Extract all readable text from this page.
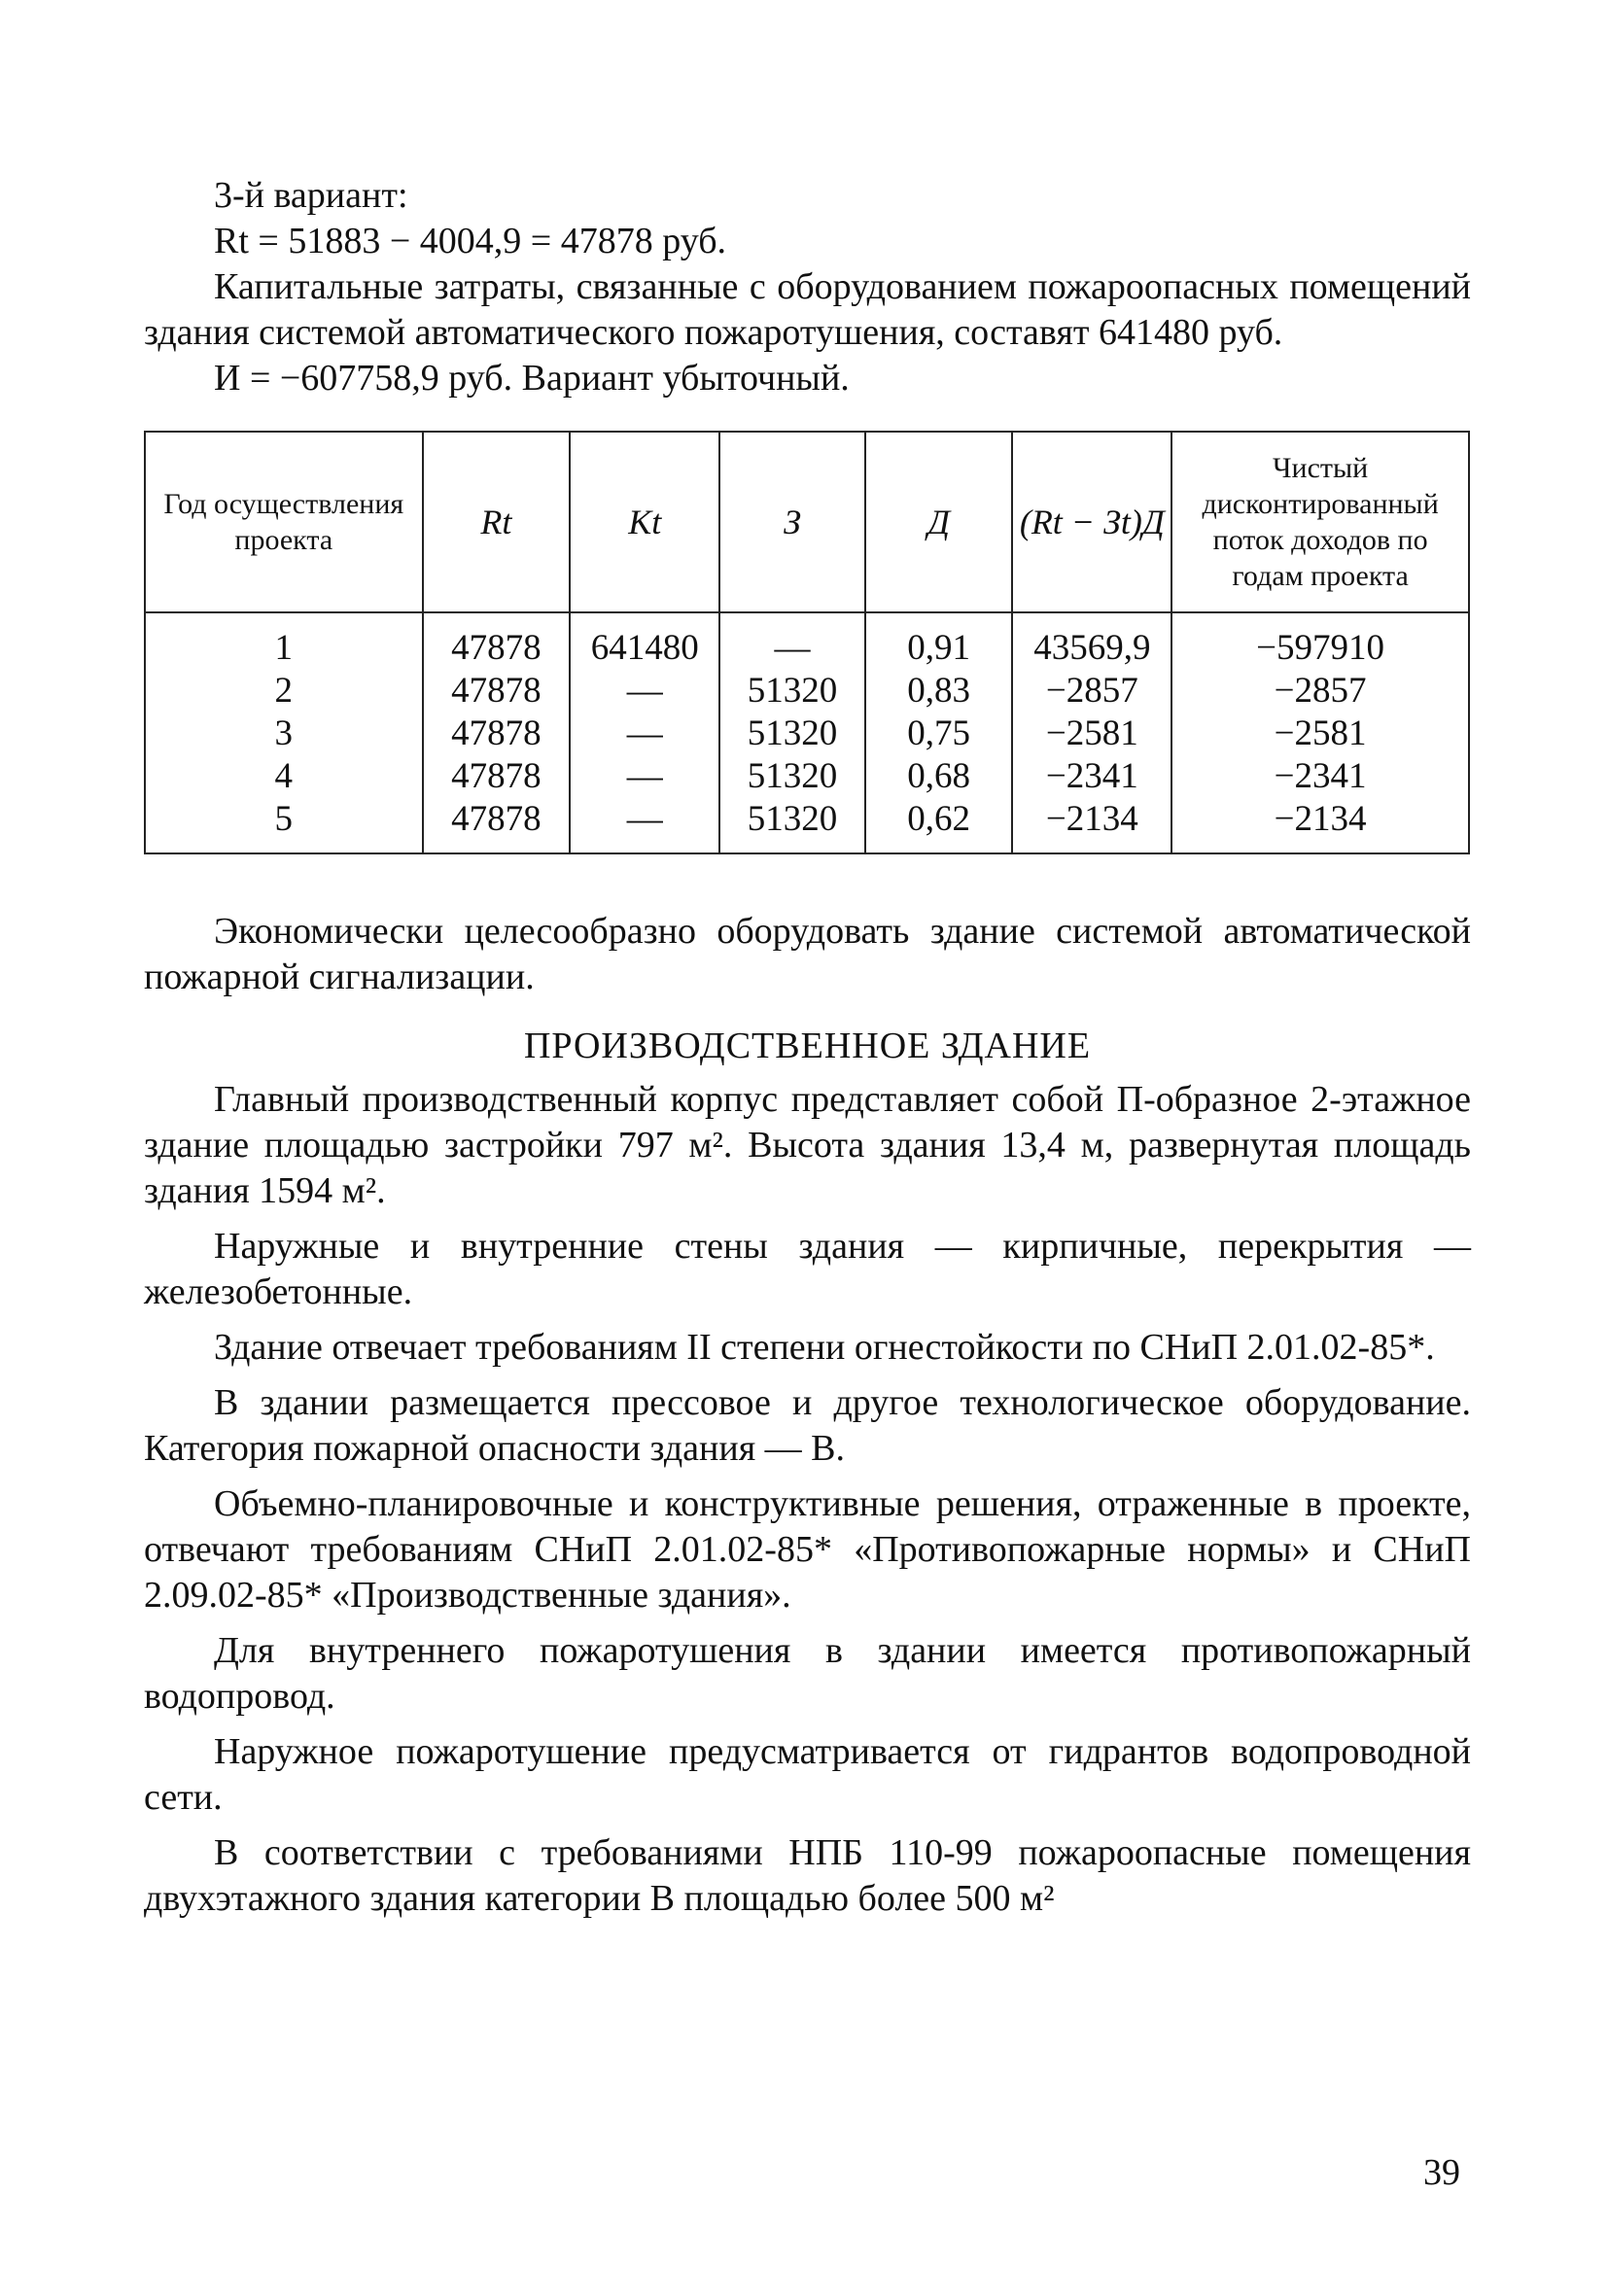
3-й вариант:

Rt = 51883 − 4004,9 = 47878 руб.

Капитальные затраты, связанные с оборудованием пожароопасных помещений здания системой автоматического пожаротушения, составят 641480 руб.

И = −607758,9 руб. Вариант убыточный.

Год осуществления проекта	Rt	Kt	З	Д	(Rt − Зt)Д	Чистый дисконтированный поток доходов по годам проекта
1	47878	641480	—	0,91	43569,9	−597910
2	47878	—	51320	0,83	−2857	−2857
3	47878	—	51320	0,75	−2581	−2581
4	47878	—	51320	0,68	−2341	−2341
5	47878	—	51320	0,62	−2134	−2134

Экономически целесообразно оборудовать здание системой автоматической пожарной сигнализации.

ПРОИЗВОДСТВЕННОЕ ЗДАНИЕ

Главный производственный корпус представляет собой П-образное 2-этажное здание площадью застройки 797 м². Высота здания 13,4 м, развернутая площадь здания 1594 м².

Наружные и внутренние стены здания — кирпичные, перекрытия — железобетонные.

Здание отвечает требованиям II степени огнестойкости по СНиП 2.01.02-85*.

В здании размещается прессовое и другое технологическое оборудование. Категория пожарной опасности здания — В.

Объемно-планировочные и конструктивные решения, отраженные в проекте, отвечают требованиям СНиП 2.01.02-85* «Противопожарные нормы» и СНиП 2.09.02-85* «Производственные здания».

Для внутреннего пожаротушения в здании имеется противопожарный водопровод.

Наружное пожаротушение предусматривается от гидрантов водопроводной сети.

В соответствии с требованиями НПБ 110-99 пожароопасные помещения двухэтажного здания категории В площадью более 500 м²

39
